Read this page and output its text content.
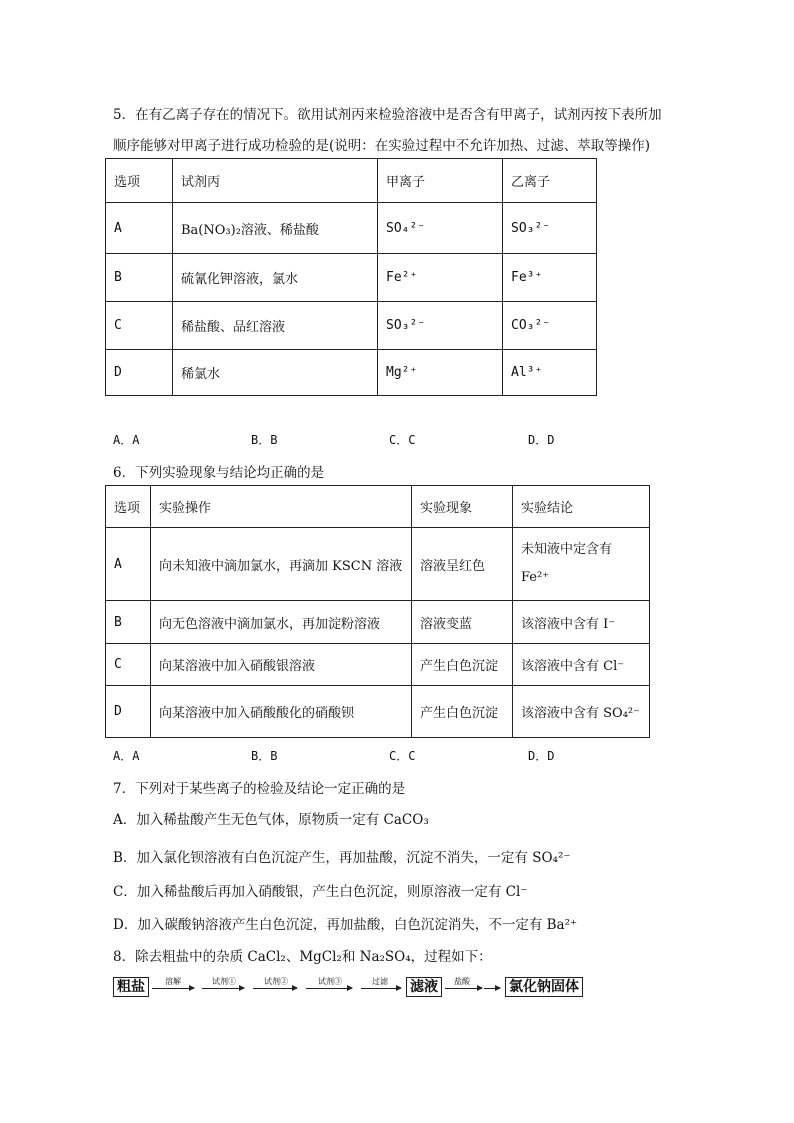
5．在有乙离子存在的情况下。欲用试剂丙来检验溶液中是否含有甲离子，试剂丙按下表所加
顺序能够对甲离子进行成功检验的是(说明：在实验过程中不允许加热、过滤、萃取等操作)
选项	试剂丙	甲离子	乙离子
A	Ba(NO₃)₂溶液、稀盐酸	SO₄²⁻	SO₃²⁻
B	硫氰化钾溶液，氯水	Fe²⁺	Fe³⁺
C	稀盐酸、品红溶液	SO₃²⁻	CO₃²⁻
D	稀氯水	Mg²⁺	Al³⁺
A．A	B．B	C．C	D．D
6．下列实验现象与结论均正确的是
选项	实验操作	实验现象	实验结论
A	向未知液中滴加氯水，再滴加 KSCN 溶液	溶液呈红色	未知液中定含有 Fe²⁺
B	向无色溶液中滴加氯水，再加淀粉溶液	溶液变蓝	该溶液中含有 I⁻
C	向某溶液中加入硝酸银溶液	产生白色沉淀	该溶液中含有 Cl⁻
D	向某溶液中加入硝酸酸化的硝酸钡	产生白色沉淀	该溶液中含有 SO₄²⁻
A．A	B．B	C．C	D．D
7．下列对于某些离子的检验及结论一定正确的是
A．加入稀盐酸产生无色气体，原物质一定有 CaCO₃
B．加入氯化钡溶液有白色沉淀产生，再加盐酸，沉淀不消失，一定有 SO₄²⁻
C．加入稀盐酸后再加入硝酸银，产生白色沉淀，则原溶液一定有 Cl⁻
D．加入碳酸钠溶液产生白色沉淀，再加盐酸，白色沉淀消失，不一定有 Ba²⁺
8．除去粗盐中的杂质 CaCl₂、MgCl₂和 Na₂SO₄，过程如下：
粗盐	溶解	试剂①	试剂②	试剂③	过滤 滤液	盐酸	氯化钠固体
